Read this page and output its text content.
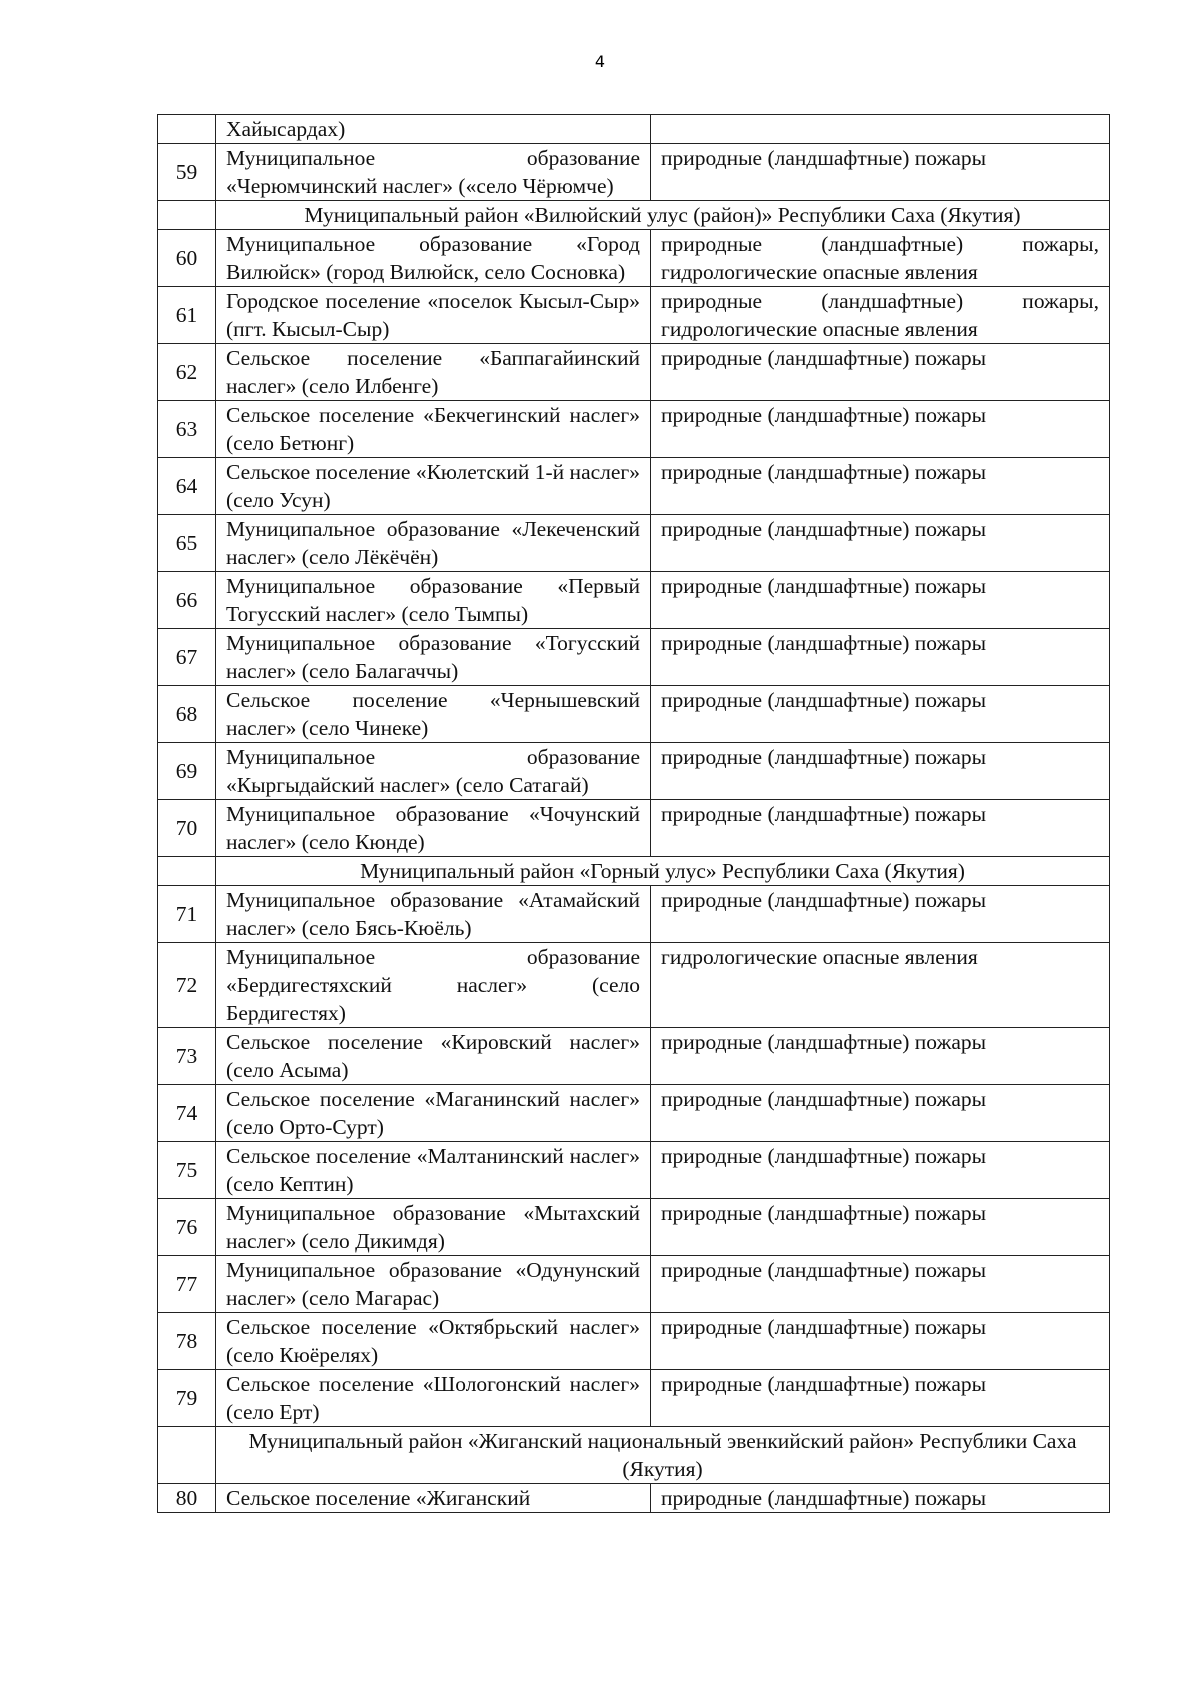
4
	Хайысардах)	
59	Муниципальное образование «Черюмчинский наслег» («село Чёрюмче)	природные (ландшафтные) пожары
	Муниципальный район «Вилюйский улус (район)» Республики Саха (Якутия)	
60	Муниципальное образование «Город Вилюйск» (город Вилюйск, село Сосновка)	природные (ландшафтные) пожары, гидрологические опасные явления
61	Городское поселение «поселок Кысыл-Сыр» (пгт. Кысыл-Сыр)	природные (ландшафтные) пожары, гидрологические опасные явления
62	Сельское поселение «Баппагайинский наслег» (село Илбенге)	природные (ландшафтные) пожары
63	Сельское поселение «Бекчегинский наслег» (село Бетюнг)	природные (ландшафтные) пожары
64	Сельское поселение «Кюлетский 1-й наслег» (село Усун)	природные (ландшафтные) пожары
65	Муниципальное образование «Лекеченский наслег» (село Лёкёчён)	природные (ландшафтные) пожары
66	Муниципальное образование «Первый Тогусский наслег» (село Тымпы)	природные (ландшафтные) пожары
67	Муниципальное образование «Тогусский наслег» (село Балагаччы)	природные (ландшафтные) пожары
68	Сельское поселение «Чернышевский наслег» (село Чинеке)	природные (ландшафтные) пожары
69	Муниципальное образование «Кыргыдайский наслег» (село Сатагай)	природные (ландшафтные) пожары
70	Муниципальное образование «Чочунский наслег» (село Кюнде)	природные (ландшафтные) пожары
	Муниципальный район «Горный улус» Республики Саха (Якутия)	
71	Муниципальное образование «Атамайский наслег» (село Бясь-Кюёль)	природные (ландшафтные) пожары
72	Муниципальное образование «Бердигестяхский наслег» (село Бердигестях)	гидрологические опасные явления
73	Сельское поселение «Кировский наслег» (село Асыма)	природные (ландшафтные) пожары
74	Сельское поселение «Маганинский наслег» (село Орто-Сурт)	природные (ландшафтные) пожары
75	Сельское поселение «Малтанинский наслег» (село Кептин)	природные (ландшафтные) пожары
76	Муниципальное образование «Мытахский наслег» (село Дикимдя)	природные (ландшафтные) пожары
77	Муниципальное образование «Одунунский наслег» (село Магарас)	природные (ландшафтные) пожары
78	Сельское поселение «Октябрьский наслег» (село Кюёрелях)	природные (ландшафтные) пожары
79	Сельское поселение «Шологонский наслег» (село Ерт)	природные (ландшафтные) пожары
	Муниципальный район «Жиганский национальный эвенкийский район» Республики Саха (Якутия)	
80	Сельское поселение «Жиганский	природные (ландшафтные) пожары
